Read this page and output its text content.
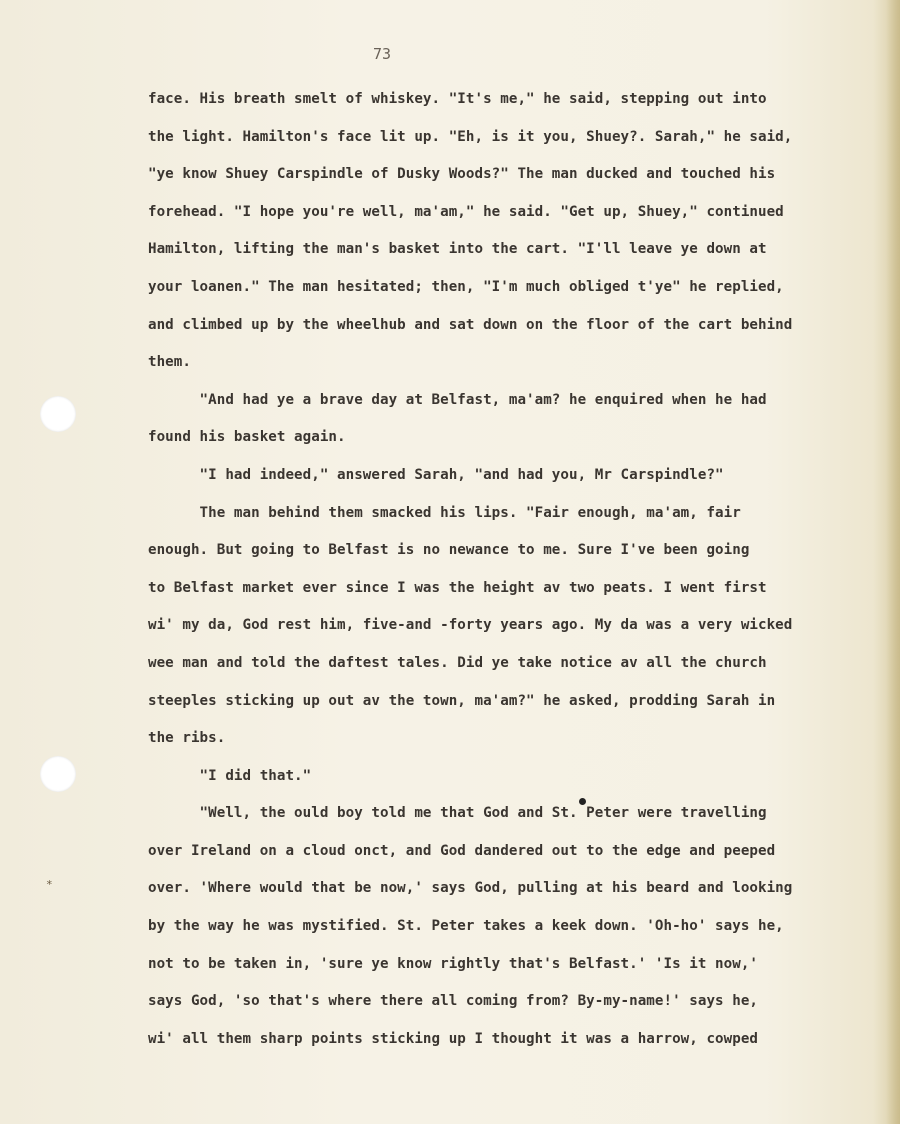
73
face. His breath smelt of whiskey. "It's me," he said, stepping out into
the light. Hamilton's face lit up. "Eh, is it you, Shuey?. Sarah," he said,
"ye know Shuey Carspindle of Dusky Woods?" The man ducked and touched his
forehead. "I hope you're well, ma'am," he said. "Get up, Shuey," continued
Hamilton, lifting the man's basket into the cart. "I'll leave ye down at
your loanen." The man hesitated; then, "I'm much obliged t'ye" he replied,
and climbed up by the wheelhub and sat down on the floor of the cart behind
them.
"And had ye a brave day at Belfast, ma'am? he enquired when he had
found his basket again.
"I had indeed," answered Sarah, "and had you, Mr Carspindle?"
The man behind them smacked his lips. "Fair enough, ma'am, fair
enough. But going to Belfast is no newance to me. Sure I've been going
to Belfast market ever since I was the height av two peats. I went first
wi' my da, God rest him, five-and -forty years ago. My da was a very wicked
wee man and told the daftest tales. Did ye take notice av all the church
steeples sticking up out av the town, ma'am?" he asked, prodding Sarah in
the ribs.
"I did that."
"Well, the ould boy told me that God and St. Peter were travelling
over Ireland on a cloud onct, and God dandered out to the edge and peeped
over. 'Where would that be now,' says God, pulling at his beard and looking
by the way he was mystified. St. Peter takes a keek down. 'Oh-ho' says he,
not to be taken in, 'sure ye know rightly that's Belfast.' 'Is it now,'
says God, 'so that's where there all coming from? By-my-name!' says he,
wi' all them sharp points sticking up I thought it was a harrow, cowped
*
